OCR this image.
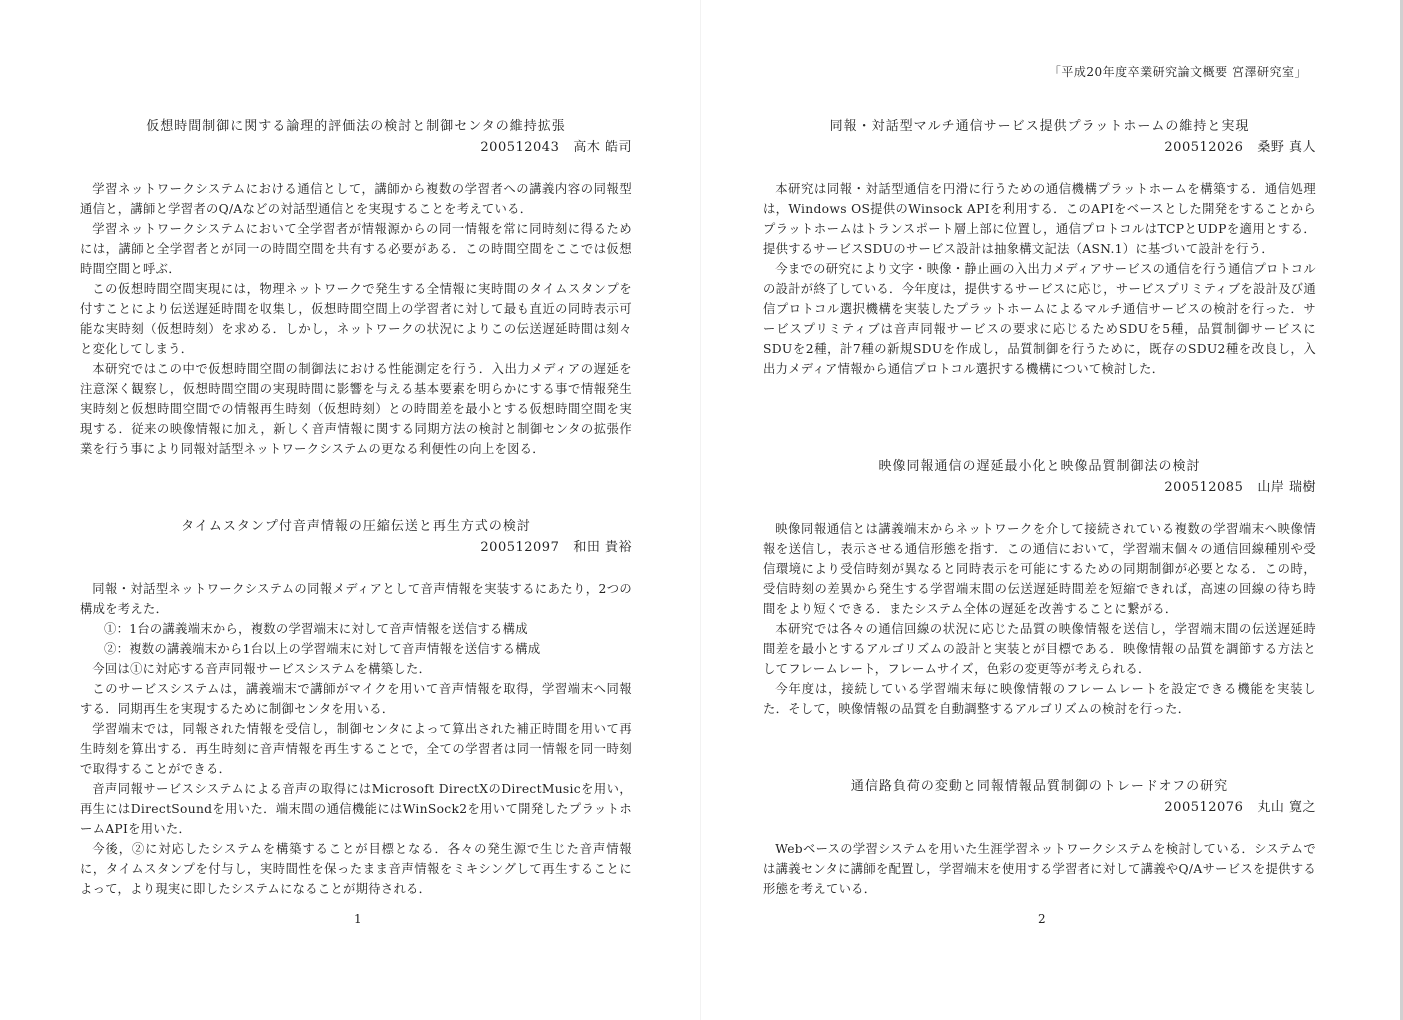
仮想時間制御に関する論理的評価法の検討と制御センタの維持拡張
200512043 高木 皓司

学習ネットワークシステムにおける通信として，講師から複数の学習者への講義内容の同報型通信と，講師と学習者のQ/Aなどの対話型通信とを実現することを考えている．

学習ネットワークシステムにおいて全学習者が情報源からの同一情報を常に同時刻に得るためには，講師と全学習者とが同一の時間空間を共有する必要がある．この時間空間をここでは仮想時間空間と呼ぶ．

この仮想時間空間実現には，物理ネットワークで発生する全情報に実時間のタイムスタンプを付すことにより伝送遅延時間を収集し，仮想時間空間上の学習者に対して最も直近の同時表示可能な実時刻（仮想時刻）を求める．しかし，ネットワークの状況によりこの伝送遅延時間は刻々と変化してしまう．

本研究ではこの中で仮想時間空間の制御法における性能測定を行う．入出力メディアの遅延を注意深く観察し，仮想時間空間の実現時間に影響を与える基本要素を明らかにする事で情報発生実時刻と仮想時間空間での情報再生時刻（仮想時刻）との時間差を最小とする仮想時間空間を実現する．従来の映像情報に加え，新しく音声情報に関する同期方法の検討と制御センタの拡張作業を行う事により同報対話型ネットワークシステムの更なる利便性の向上を図る．

タイムスタンプ付音声情報の圧縮伝送と再生方式の検討
200512097 和田 貴裕

同報・対話型ネットワークシステムの同報メディアとして音声情報を実装するにあたり，2つの構成を考えた．

①：1台の講義端末から，複数の学習端末に対して音声情報を送信する構成

②：複数の講義端末から1台以上の学習端末に対して音声情報を送信する構成

今回は①に対応する音声同報サービスシステムを構築した．

このサービスシステムは，講義端末で講師がマイクを用いて音声情報を取得，学習端末へ同報する．同期再生を実現するために制御センタを用いる．

学習端末では，同報された情報を受信し，制御センタによって算出された補正時間を用いて再生時刻を算出する．再生時刻に音声情報を再生することで，全ての学習者は同一情報を同一時刻で取得することができる．

音声同報サービスシステムによる音声の取得にはMicrosoft DirectXのDirectMusicを用い，再生にはDirectSoundを用いた．端末間の通信機能にはWinSock2を用いて開発したプラットホームAPIを用いた．

今後，②に対応したシステムを構築することが目標となる．各々の発生源で生じた音声情報に，タイムスタンプを付与し，実時間性を保ったまま音声情報をミキシングして再生することによって，より現実に即したシステムになることが期待される．

1
「平成20年度卒業研究論文概要 宮澤研究室」
同報・対話型マルチ通信サービス提供プラットホームの維持と実現
200512026 桑野 真人

本研究は同報・対話型通信を円滑に行うための通信機構プラットホームを構築する．通信処理は，Windows OS提供のWinsock APIを利用する．このAPIをベースとした開発をすることからプラットホームはトランスポート層上部に位置し，通信プロトコルはTCPとUDPを適用とする．提供するサービスSDUのサービス設計は抽象構文記法（ASN.1）に基づいて設計を行う．

今までの研究により文字・映像・静止画の入出力メディアサービスの通信を行う通信プロトコルの設計が終了している．今年度は，提供するサービスに応じ，サービスプリミティブを設計及び通信プロトコル選択機構を実装したプラットホームによるマルチ通信サービスの検討を行った．サービスプリミティブは音声同報サービスの要求に応じるためSDUを5種，品質制御サービスにSDUを2種，計7種の新規SDUを作成し，品質制御を行うために，既存のSDU2種を改良し，入出力メディア情報から通信プロトコル選択する機構について検討した．

映像同報通信の遅延最小化と映像品質制御法の検討
200512085 山岸 瑞樹

映像同報通信とは講義端末からネットワークを介して接続されている複数の学習端末へ映像情報を送信し，表示させる通信形態を指す．この通信において，学習端末個々の通信回線種別や受信環境により受信時刻が異なると同時表示を可能にするための同期制御が必要となる．この時，受信時刻の差異から発生する学習端末間の伝送遅延時間差を短縮できれば，高速の回線の待ち時間をより短くできる．またシステム全体の遅延を改善することに繋がる．

本研究では各々の通信回線の状況に応じた品質の映像情報を送信し，学習端末間の伝送遅延時間差を最小とするアルゴリズムの設計と実装とが目標である．映像情報の品質を調節する方法としてフレームレート，フレームサイズ，色彩の変更等が考えられる．

今年度は，接続している学習端末毎に映像情報のフレームレートを設定できる機能を実装した．そして，映像情報の品質を自動調整するアルゴリズムの検討を行った．

通信路負荷の変動と同報情報品質制御のトレードオフの研究
200512076 丸山 寛之

Webベースの学習システムを用いた生涯学習ネットワークシステムを検討している．システムでは講義センタに講師を配置し，学習端末を使用する学習者に対して講義やQ/Aサービスを提供する形態を考えている．

2
